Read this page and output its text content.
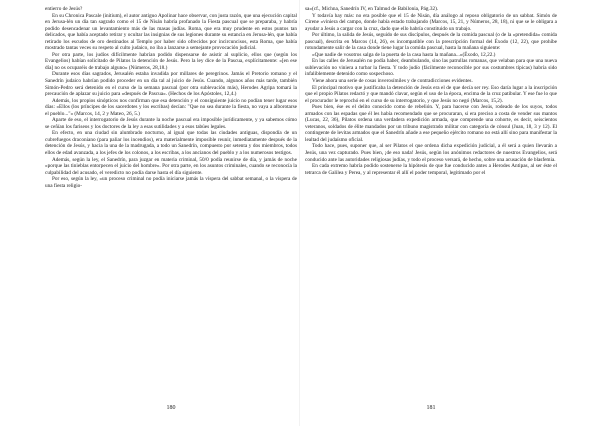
entierro de Jesús?

En su Chronica Pascale (initium), el autor antiguo Apolinar hace observar, con justa razón, que una ejecución capital en Jerusa-lén un día tan sagrado como el 15 de Nisán habría profanado la Fiesta pascual que se preparaba, y habría podido desencadenar un levantamiento más de las masas judías. Roma, que era muy prudente en estos puntos tan delicados, que había aceptado retirar y ocultar las insignias de sus legiones durante su estancia en Jerusa-lén, que había retirado los escudos de oro destinados al Templo por haber sido ofrecidos por incircuncisos, esta Roma, que había mostrado tantas veces su respeto al culto judaico, no iba a lanzarse a semejante provocación judicial.

Por otra parte, los judíos difícilmente habrían podido dispensarse de asistir al suplicio, ellos que (según los Evangelios) habían solicitado de Pilatos la detención de Jesús. Pero la ley dice de la Pascua, explícitamente: «[en ese día] no os ocuparéis de trabajo alguno» (Números, 28,18.)

Durante esos días sagrados, Jerusalén estaba invadida por millares de peregrinos. Jamás el Pretorio romano y el Sanedrín judaico habrían podido proceder en un día tal al juicio de Jesús. Cuando, algunos años más tarde, también Simón-Pedro será detenido en el curso de la semana pascual (por otra sublevación más), Herodes Agripa tomará la precaución de aplazar su juicio para «después de Pascua». (Hechos de los Apóstoles, 12,4.)

Además, los propios sinópticos nos confirman que esa detención y el consiguiente juicio no podían tener lugar esos días: «Ellos (los príncipes de los sacerdotes y los escribas) decían: "Que no sea durante la fiesta, no vaya a alborotarse el pueblo..."» (Marcos, 14, 2 y Mateo, 26, 5.)

Aparte de eso, el interrogatorio de Jesús durante la noche pascual era imposible jurídicamente, y ya sabemos cómo se ceñían los fariseos y los doctores de la ley a esas sutilidades y a esos tabúes legales.

En efecto, en una ciudad sin alumbrado nocturno, al igual que todas las ciudades antiguas, dispondía de un cubrefuegos draconiano (para paliar los incendios), era materialmente imposible reunir, inmediatamente después de la detención de Jesús, y hacia la una de la madrugada, a todo un Sanedrín, compuesto por setenta y dos miembros, todos ellos de edad avanzada, a los jefes de los colonos, a los escribas, a los ancianos del pueblo y a los numerosos testigos.

Además, según la ley, el Sanedrín, para juzgar en materia criminal, 50/0 podía reunirse de día, y jamás de noche «porque las tinieblas entorpecen el juicio del hombre». Por otra parte, en los asuntos criminales, cuando se reconocía la culpabilidad del acusado, el veredicto no podía darse hasta el día siguiente.

Por eso, según la ley, «un proceso criminal no podía iniciarse jamás la víspera del sabbat semanal, o la víspera de una fiesta religio-

180

sa»(cf., Michna, Sanedrín IV, en Talmud de Babilonia, Pág.32).

Y todavía hay más: no era posible que el 15 de Nisán, día análogo al reposo obligatorio de un sabbat. Simón de Cirene «viniera del campo, donde había estado trabajando (Marcos, 15, 21, y Números, 28, 18), ni que se le obligara a ayudar a Jesús a cargar con la cruz, dado que ello habría constituido un trabajo.

Por último, la salida de Jesús, seguido de sus discípulos, después de la comida pascual (o de la «pretendida» comida pascual), descrita en Marcos (14, 26), es incompatible con la prescripción formal del Éxodo (12, 22), que prohíbe rotundamente salir de la casa donde tiene lugar la comida pascual, hasta la mañana siguiente:

«Que nadie de vosotros salga de la puerta de la casa hasta la mañana...»(Éxodo, 12,22.)

En las calles de Jerusalén no podía haber, deambulando, sino las patrullas romanas, que velaban para que una nueva sublevación no viniera a turbar la fiesta. Y todo judío (fácilmente reconocible por sus costumbres típicas) habría sido infaliblemente detenido como sospechoso.

Viene ahora una serie de cosas inverosímiles y de contradicciones evidentes.

El principal motivo que justificaba la detención de Jesús era el de que decía ser rey. Eso daría lugar a la inscripción que el propio Pilatos redactó y que mandó clavar, según el uso de la época, encima de la cruz patibular. Y ese fue lo que el procurador le reprochó en el curso de su interrogatorio, y que Jesús no negó (Marcos, 15,2).

Pues bien, ése es el delito conocido como de rebelión. Y, para hacerse con Jesús, rodeado de los suyos, todos armados con las espadas que él les había recomendado que se procuraran, si era preciso a costa de vender sus mantos (Lucas, 22, 36), Pilatos ordena una verdadera expedición armada, que comprende una cohorte, es decir, seiscientos veteranos, soldados de élite mandados por un tribuno magistrado militar con categoría de cónsul (Juan, 18, 3 y 12). El contingente de levitas armados que el Sanedrín añade a ese pequeño ejército romano no está allí sino para manifestar la lealtad del judaísmo oficial.

Todo hace, pues, suponer que, al ser Pilatos el que ordena dicha expedición judicial, a él será a quien llevarán a Jesús, una vez capturado. Pues bien, ¡de eso nada! Jesús, según los anónimos redactores de nuestros Evangelios, será conducido ante las autoridades religiosas judías, y todo el proceso versará, de hecho, sobre una acusación de blasfemia.

En cada extremo habría podido sostenerse la hipótesis de que fue conducido antes a Herodes Antipas, al ser éste el tetrarca de Galilea y Perea, y al representar él allí el poder temporal, legitimado por el

181
